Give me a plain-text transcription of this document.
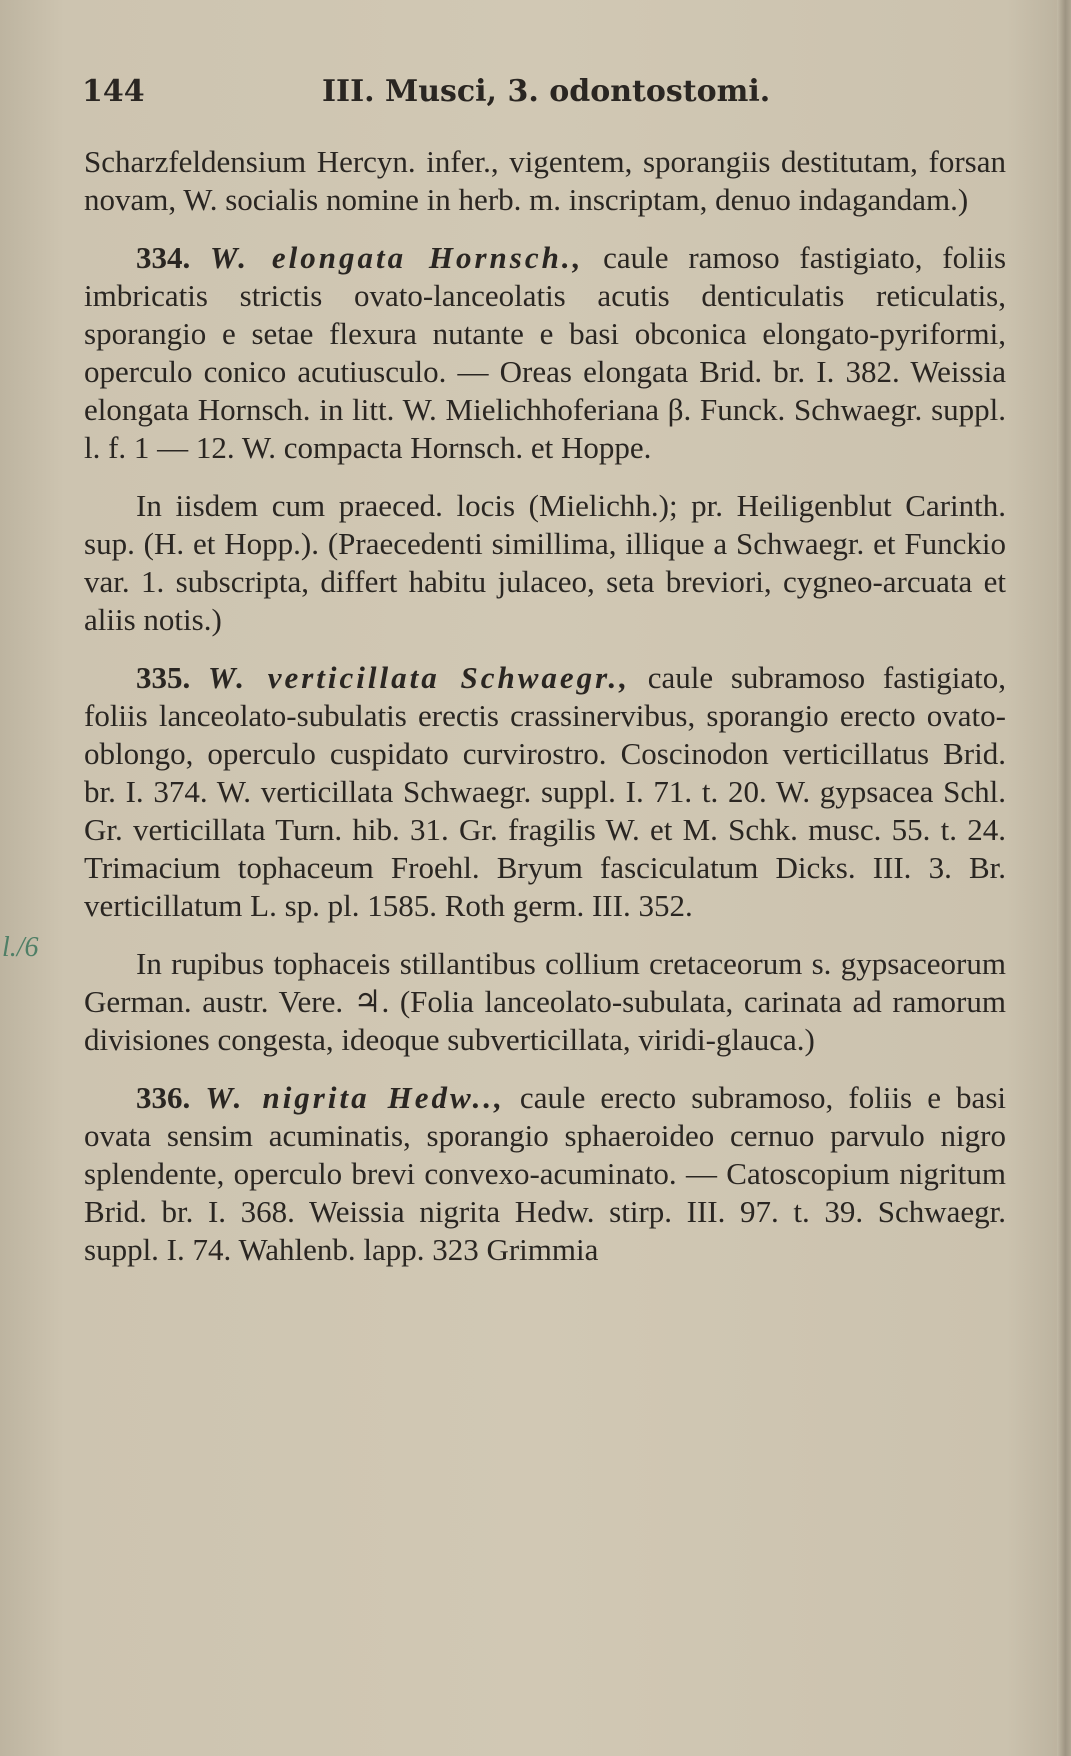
144	III. Musci, 3. odontostomi.
l./6

Scharzfeldensium Hercyn. infer., vigentem, sporangiis destitutam, forsan novam, W. socialis nomine in herb. m. inscriptam, denuo indagandam.)

334. W. elongata Hornsch., caule ramoso fastigiato, foliis imbricatis strictis ovato-lanceolatis acutis denticulatis reticulatis, sporangio e setae flexura nutante e basi obconica elongato-pyriformi, operculo conico acutiusculo. — Oreas elongata Brid. br. I. 382. Weissia elongata Hornsch. in litt. W. Mielichhoferiana β. Funck. Schwaegr. suppl. l. f. 1 — 12. W. compacta Hornsch. et Hoppe.

In iisdem cum praeced. locis (Mielichh.); pr. Heiligenblut Carinth. sup. (H. et Hopp.). (Praecedenti simillima, illique a Schwaegr. et Funckio var. 1. subscripta, differt habitu julaceo, seta breviori, cygneo-arcuata et aliis notis.)

335. W. verticillata Schwaegr., caule subramoso fastigiato, foliis lanceolato-subulatis erectis crassinervibus, sporangio erecto ovato-oblongo, operculo cuspidato curvirostro. Coscinodon verticillatus Brid. br. I. 374. W. verticillata Schwaegr. suppl. I. 71. t. 20. W. gypsacea Schl. Gr. verticillata Turn. hib. 31. Gr. fragilis W. et M. Schk. musc. 55. t. 24. Trimacium tophaceum Froehl. Bryum fasciculatum Dicks. III. 3. Br. verticillatum L. sp. pl. 1585. Roth germ. III. 352.

In rupibus tophaceis stillantibus collium cretaceorum s. gypsaceorum German. austr. Vere. ♃. (Folia lanceolato-subulata, carinata ad ramorum divisiones congesta, ideoque subverticillata, viridi-glauca.)

336. W. nigrita Hedw.., caule erecto subramoso, foliis e basi ovata sensim acuminatis, sporangio sphaeroideo cernuo parvulo nigro splendente, operculo brevi convexo-acuminato. — Catoscopium nigritum Brid. br. I. 368. Weissia nigrita Hedw. stirp. III. 97. t. 39. Schwaegr. suppl. I. 74. Wahlenb. lapp. 323 Grimmia
